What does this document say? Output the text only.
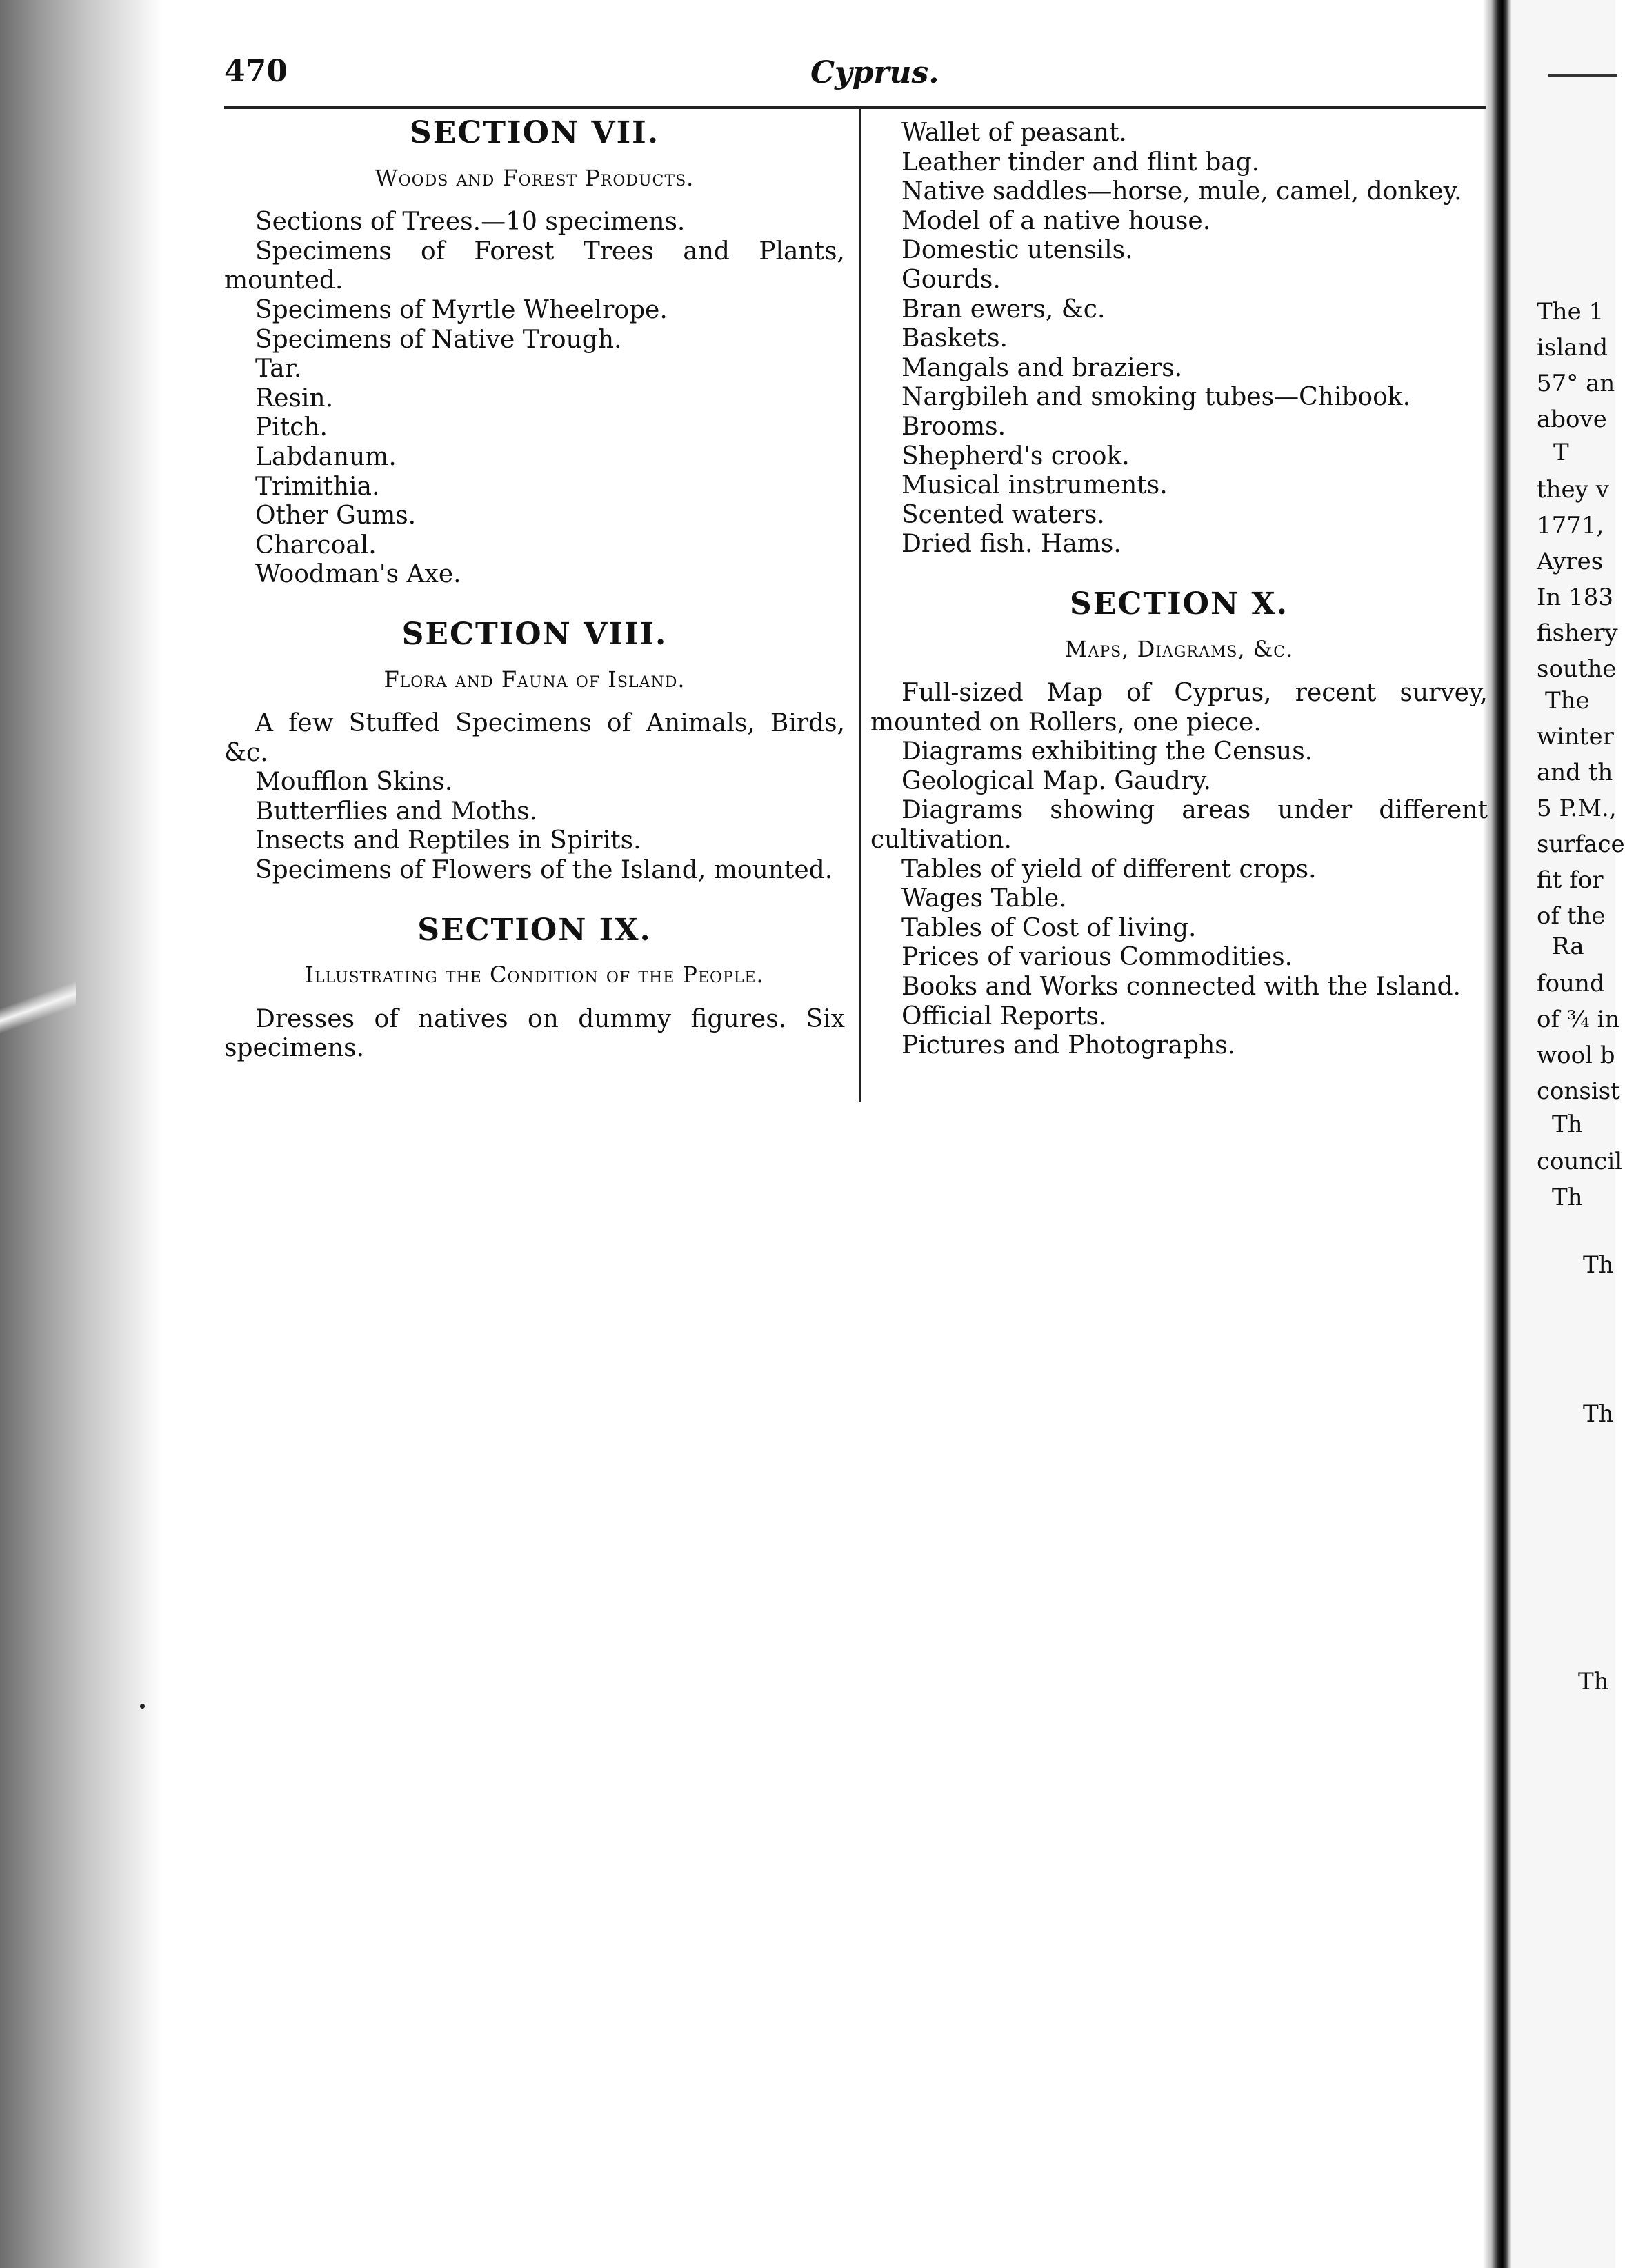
470	Cyprus.

SECTION VII.

Woods and Forest Products.

Sections of Trees.—10 specimens.

Specimens of Forest Trees and Plants, mounted.

Specimens of Myrtle Wheelrope.

Specimens of Native Trough.

Tar.

Resin.

Pitch.

Labdanum.

Trimithia.

Other Gums.

Charcoal.

Woodman's Axe.

SECTION VIII.

Flora and Fauna of Island.

A few Stuffed Specimens of Animals, Birds, &c.

Moufflon Skins.

Butterflies and Moths.

Insects and Reptiles in Spirits.

Specimens of Flowers of the Island, mounted.

SECTION IX.

Illustrating the Condition of the People.

Dresses of natives on dummy figures. Six specimens.

Wallet of peasant.

Leather tinder and flint bag.

Native saddles—horse, mule, camel, donkey.

Model of a native house.

Domestic utensils.

Gourds.

Bran ewers, &c.

Baskets.

Mangals and braziers.

Nargbileh and smoking tubes—Chibook.

Brooms.

Shepherd's crook.

Musical instruments.

Scented waters.

Dried fish. Hams.

SECTION X.

Maps, Diagrams, &c.

Full-sized Map of Cyprus, recent survey, mounted on Rollers, one piece.

Diagrams exhibiting the Census.

Geological Map. Gaudry.

Diagrams showing areas under different cultivation.

Tables of yield of different crops.

Wages Table.

Tables of Cost of living.

Prices of various Commodities.

Books and Works connected with the Island.

Official Reports.

Pictures and Photographs.

The 1
island
57° an
above
T
they v
1771,
Ayres
In 183
fishery
southe
The
winter
and th
5 P.M.,
surface
fit for
of the
Ra
found
of ¾ in
wool b
consist
Th
council
Th
Th
Th
Th
